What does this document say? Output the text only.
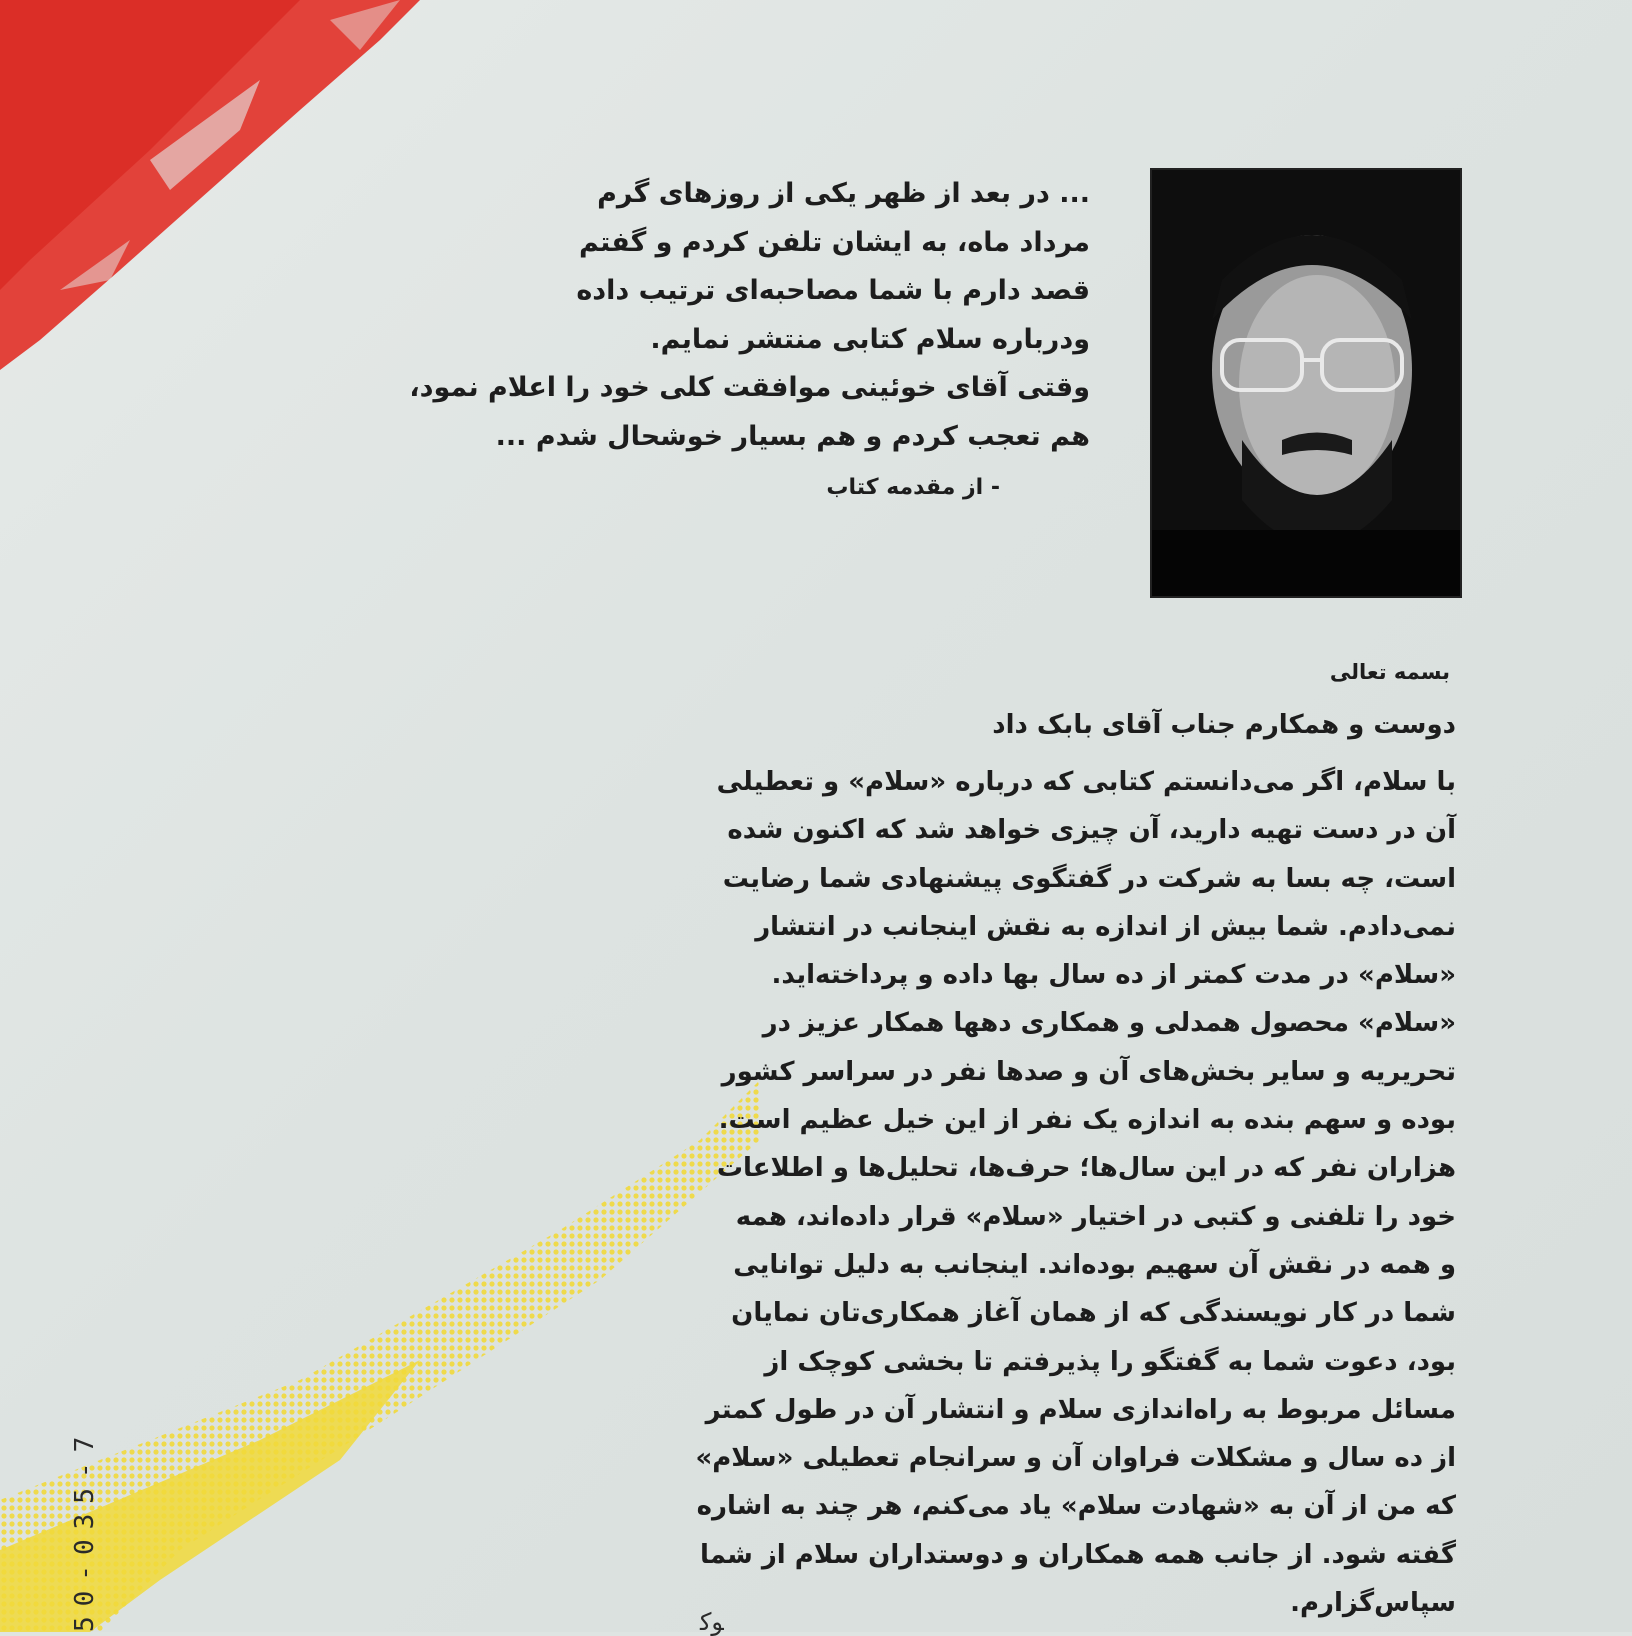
... در بعد از ظهر یکی از روزهای گرم
مرداد ماه، به ایشان تلفن کردم و گفتم
قصد دارم با شما مصاحبه‌ای ترتیب داده
ودرباره سلام کتابی منتشر نمایم.
وقتی آقای خوئینی موافقت کلی خود را اعلام نمود،
هم تعجب کردم و هم بسیار خوشحال شدم ...
- از مقدمه کتاب
بسمه تعالی
دوست و همکارم جناب آقای بابک داد
با سلام، اگر می‌دانستم کتابی که درباره «سلام» و تعطیلی
آن در دست تهیه دارید، آن چیزی خواهد شد که اکنون شده
است، چه بسا به شرکت در گفتگوی پیشنهادی شما رضایت
نمی‌دادم. شما بیش از اندازه به نقش اینجانب در انتشار
«سلام» در مدت کمتر از ده سال بها داده و پرداخته‌اید.
«سلام» محصول همدلی و همکاری دهها همکار عزیز در
تحریریه و سایر بخش‌های آن و صدها نفر در سراسر کشور
بوده و سهم بنده به اندازه یک نفر از این خیل عظیم است.
هزاران نفر که در این سال‌ها؛ حرف‌ها، تحلیل‌ها و اطلاعات
خود را تلفنی و کتبی در اختیار «سلام» قرار داده‌اند، همه
و همه در نقش آن سهیم بوده‌اند. اینجانب به دلیل توانایی
شما در کار نویسندگی که از همان آغاز همکاری‌تان نمایان
بود، دعوت شما به گفتگو را پذیرفتم تا بخشی کوچک از
مسائل مربوط به راه‌اندازی سلام و انتشار آن در طول کمتر
از ده سال و مشکلات فراوان آن و سرانجام تعطیلی «سلام»
که من از آن به «شهادت سلام» یاد می‌کنم، هر چند به اشاره
گفته شود. از جانب همه همکاران و دوستداران سلام از شما
سپاس‌گزارم.
50-035-7	ﻮﻛ
